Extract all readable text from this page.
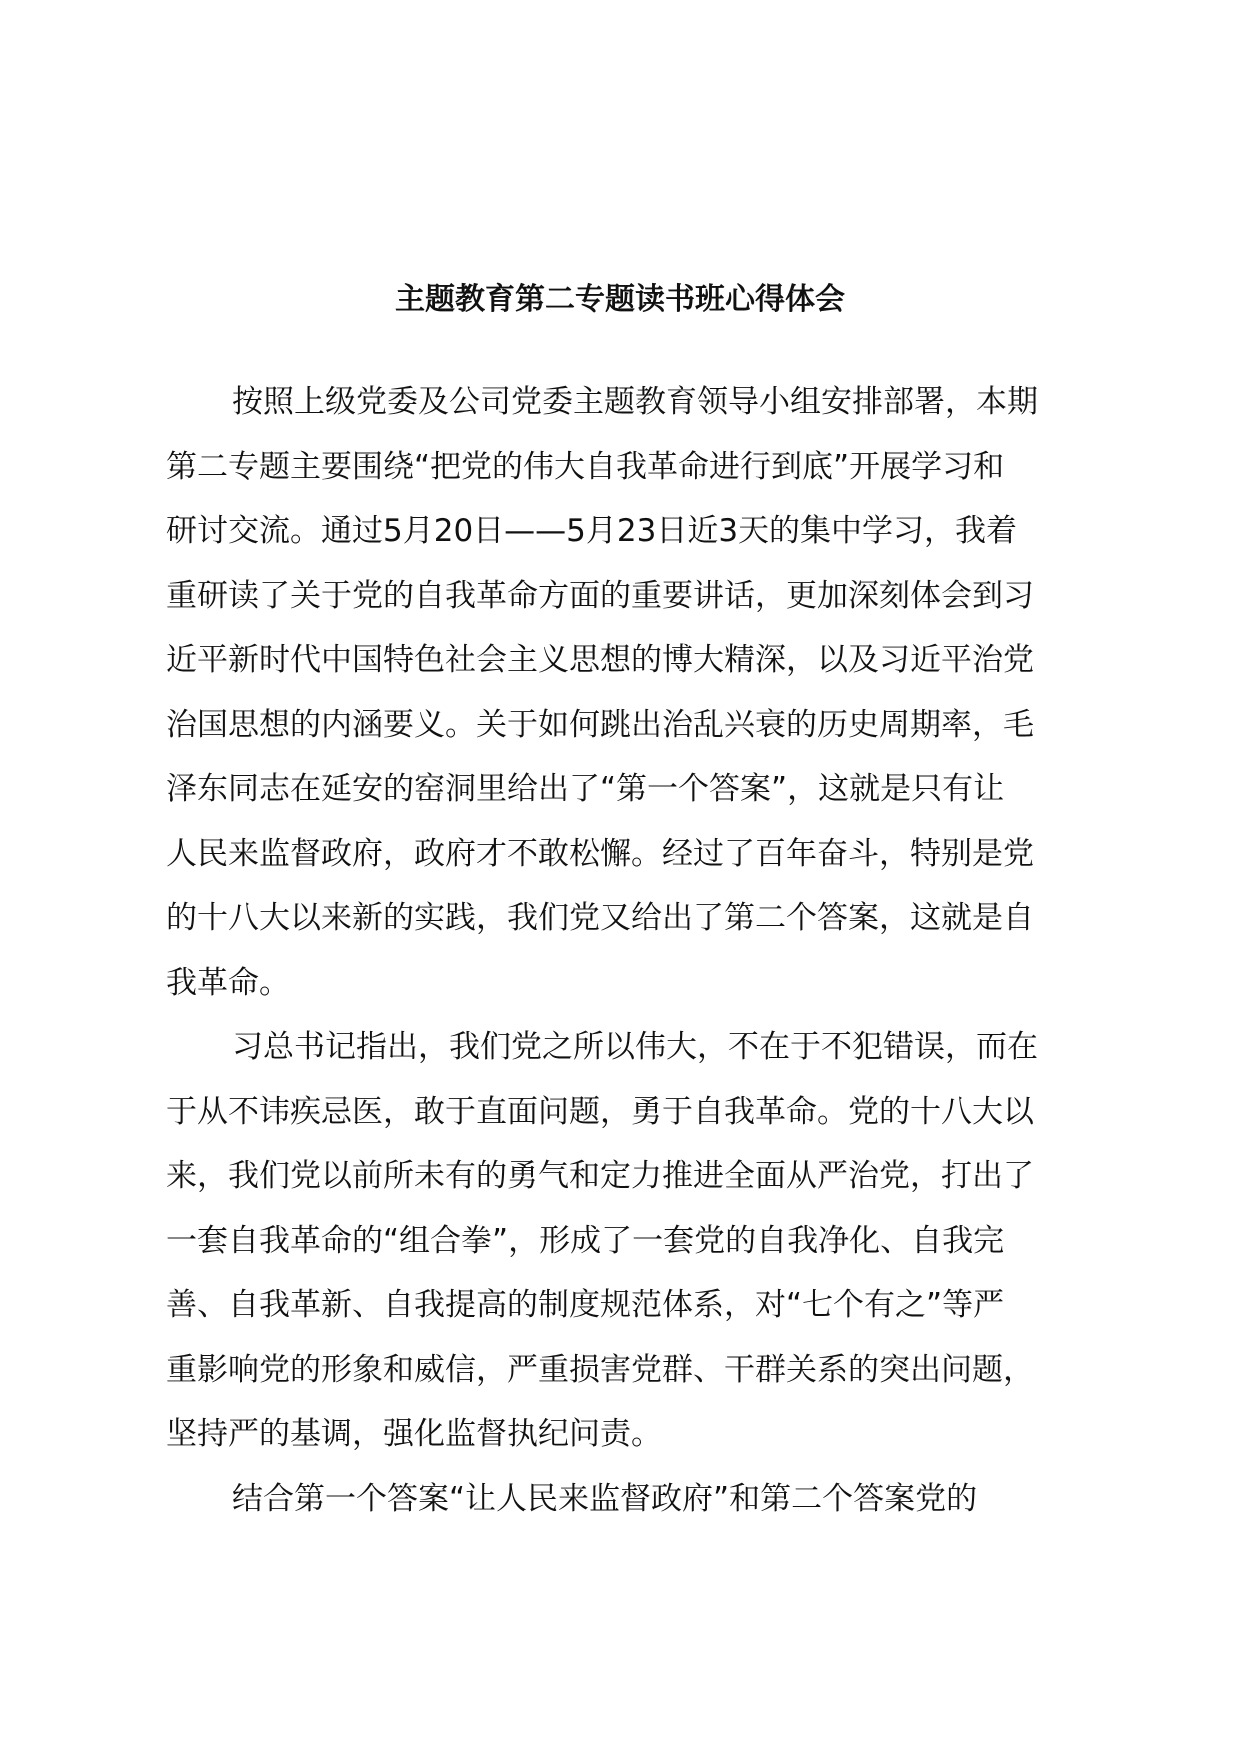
主题教育第二专题读书班心得体会
按照上级党委及公司党委主题教育领导小组安排部署，本期
第二专题主要围绕“把党的伟大自我革命进行到底”开展学习和
研讨交流。通过5月20日——5月23日近3天的集中学习，我着
重研读了关于党的自我革命方面的重要讲话，更加深刻体会到习
近平新时代中国特色社会主义思想的博大精深，以及习近平治党
治国思想的内涵要义。关于如何跳出治乱兴衰的历史周期率，毛
泽东同志在延安的窑洞里给出了“第一个答案”，这就是只有让
人民来监督政府，政府才不敢松懈。经过了百年奋斗，特别是党
的十八大以来新的实践，我们党又给出了第二个答案，这就是自
我革命。
习总书记指出，我们党之所以伟大，不在于不犯错误，而在
于从不讳疾忌医，敢于直面问题，勇于自我革命。党的十八大以
来，我们党以前所未有的勇气和定力推进全面从严治党，打出了
一套自我革命的“组合拳”，形成了一套党的自我净化、自我完
善、自我革新、自我提高的制度规范体系，对“七个有之”等严
重影响党的形象和威信，严重损害党群、干群关系的突出问题，
坚持严的基调，强化监督执纪问责。
结合第一个答案“让人民来监督政府”和第二个答案党的
